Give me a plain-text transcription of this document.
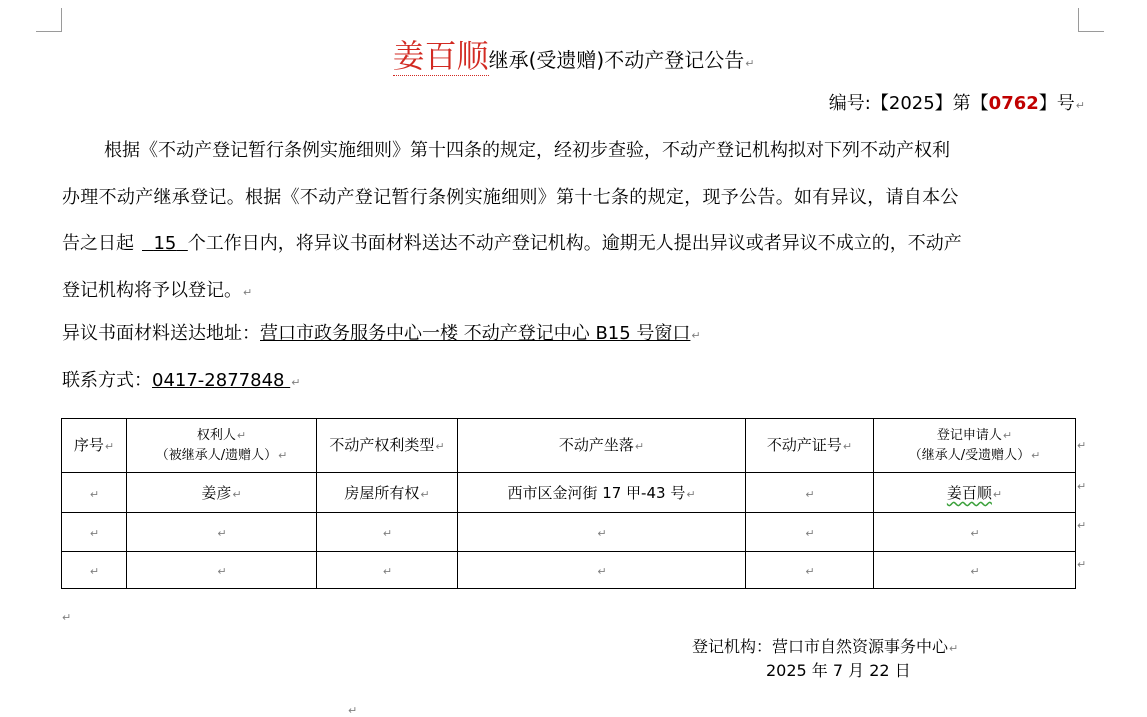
姜百顺继承(受遗赠)不动产登记公告↵
编号:【2025】第【0762】号↵
根据《不动产登记暂行条例实施细则》第十四条的规定，经初步查验，不动产登记机构拟对下列不动产权利
办理不动产继承登记。根据《不动产登记暂行条例实施细则》第十七条的规定，现予公告。如有异议，请自本公
告之日起 15 个工作日内，将异议书面材料送达不动产登记机构。逾期无人提出异议或者异议不成立的，不动产
登记机构将予以登记。↵
异议书面材料送达地址：营口市政务服务中心一楼 不动产登记中心 B15 号窗口↵
联系方式：0417-2877848 ↵
序号↵	权利人↵
（被继承人/遗赠人）↵	不动产权利类型↵	不动产坐落↵	不动产证号↵	登记申请人↵
（继承人/受遗赠人）↵
↵	姜彦↵	房屋所有权↵	西市区金河街 17 甲-43 号↵	↵	姜百顺↵
↵	↵	↵	↵	↵	↵
↵	↵	↵	↵	↵	↵
↵
↵
↵
↵
↵
登记机构：营口市自然资源事务中心↵
2025 年 7 月 22 日
↵
